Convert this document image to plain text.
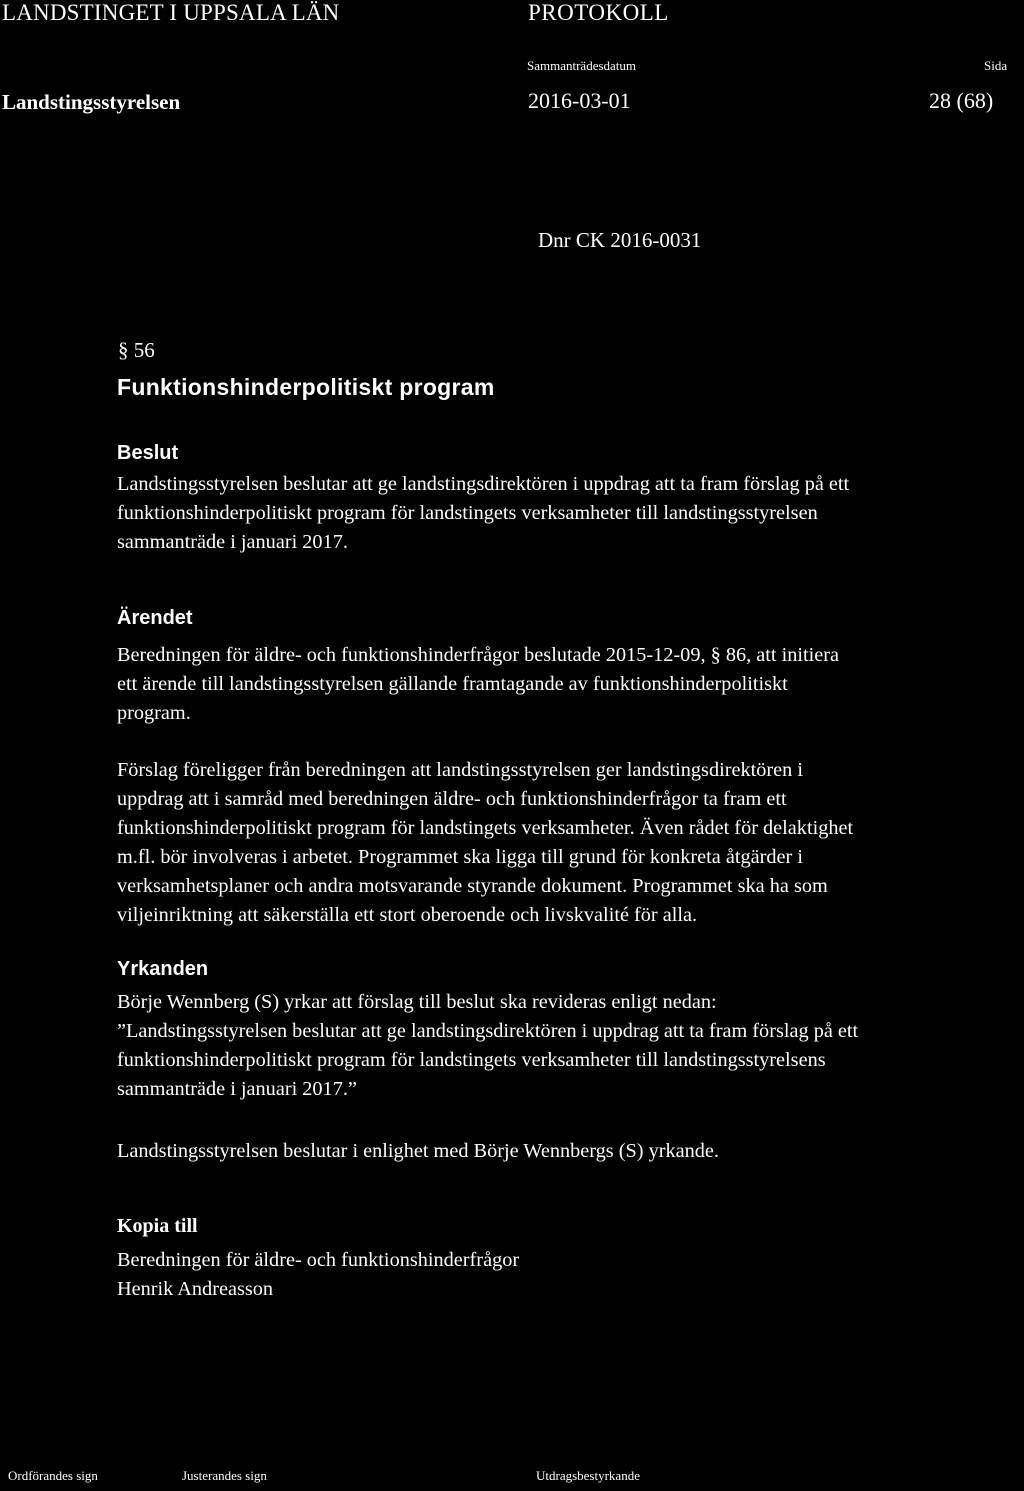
LANDSTINGET I UPPSALA LÄN	PROTOKOLL
Sammanträdesdatum	Sida
Landstingsstyrelsen	2016-03-01	28 (68)
Dnr CK 2016-0031
§ 56
Funktionshinderpolitiskt program
Beslut
Landstingsstyrelsen beslutar att ge landstingsdirektören i uppdrag att ta fram förslag på ett
funktionshinderpolitiskt program för landstingets verksamheter till landstingsstyrelsen
sammanträde i januari 2017.
Ärendet
Beredningen för äldre- och funktionshinderfrågor beslutade 2015-12-09, § 86, att initiera
ett ärende till landstingsstyrelsen gällande framtagande av funktionshinderpolitiskt
program.
Förslag föreligger från beredningen att landstingsstyrelsen ger landstingsdirektören i
uppdrag att i samråd med beredningen äldre- och funktionshinderfrågor ta fram ett
funktionshinderpolitiskt program för landstingets verksamheter. Även rådet för delaktighet
m.fl. bör involveras i arbetet. Programmet ska ligga till grund för konkreta åtgärder i
verksamhetsplaner och andra motsvarande styrande dokument. Programmet ska ha som
viljeinriktning att säkerställa ett stort oberoende och livskvalité för alla.
Yrkanden
Börje Wennberg (S) yrkar att förslag till beslut ska revideras enligt nedan:
”Landstingsstyrelsen beslutar att ge landstingsdirektören i uppdrag att ta fram förslag på ett
funktionshinderpolitiskt program för landstingets verksamheter till landstingsstyrelsens
sammanträde i januari 2017.”
Landstingsstyrelsen beslutar i enlighet med Börje Wennbergs (S) yrkande.
Kopia till
Beredningen för äldre- och funktionshinderfrågor
Henrik Andreasson
Ordförandes sign	Justerandes sign	Utdragsbestyrkande
